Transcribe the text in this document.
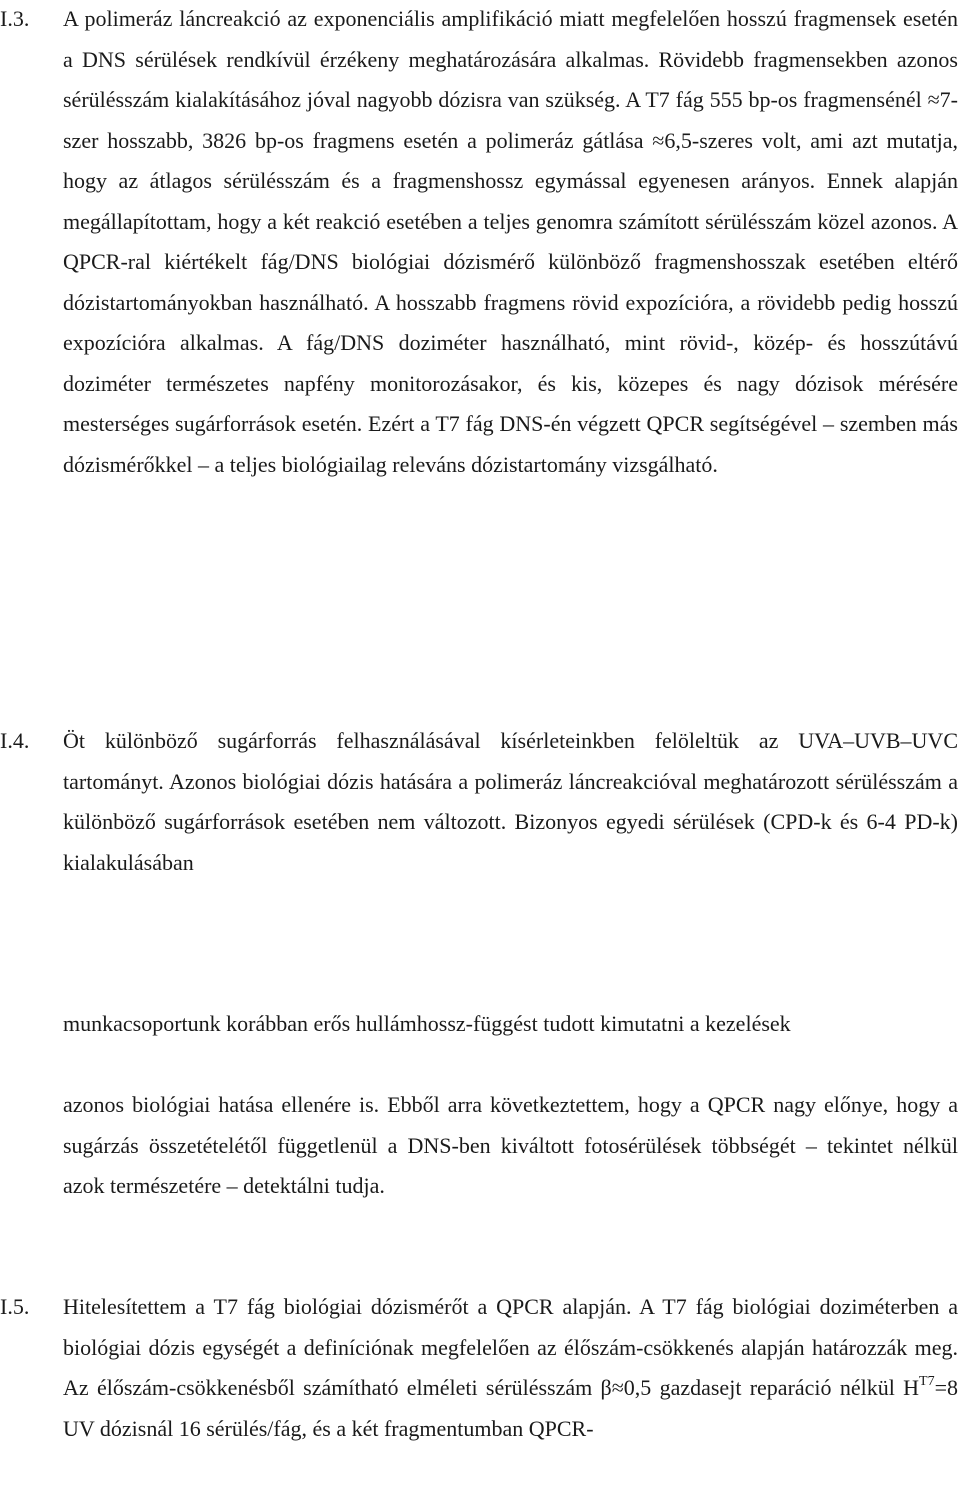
I.3. A polimeráz láncreakció az exponenciális amplifikáció miatt megfelelően hosszú fragmensek esetén a DNS sérülések rendkívül érzékeny meghatározására alkalmas. Rövidebb fragmensekben azonos sérülésszám kialakításához jóval nagyobb dózisra van szükség. A T7 fág 555 bp-os fragmensénél ≈7-szer hosszabb, 3826 bp-os fragmens esetén a polimeráz gátlása ≈6,5-szeres volt, ami azt mutatja, hogy az átlagos sérülésszám és a fragmenshossz egymással egyenesen arányos. Ennek alapján megállapítottam, hogy a két reakció esetében a teljes genomra számított sérülésszám közel azonos. A QPCR-ral kiértékelt fág/DNS biológiai dózismérő különböző fragmenshosszak esetében eltérő dózistartományokban használható. A hosszabb fragmens rövid expozícióra, a rövidebb pedig hosszú expozícióra alkalmas. A fág/DNS doziméter használható, mint rövid-, közép- és hosszútávú doziméter természetes napfény monitorozásakor, és kis, közepes és nagy dózisok mérésére mesterséges sugárforrások esetén. Ezért a T7 fág DNS-én végzett QPCR segítségével – szemben más dózismérőkkel – a teljes biológiailag releváns dózistartomány vizsgálható.

I.4. Öt különböző sugárforrás felhasználásával kísérleteinkben felöleltük az UVA–UVB–UVC tartományt. Azonos biológiai dózis hatására a polimeráz láncreakcióval meghatározott sérülésszám a különböző sugárforrások esetében nem változott. Bizonyos egyedi sérülések (CPD-k és 6-4 PD-k) kialakulásában

munkacsoportunk korábban erős hullámhossz-függést tudott kimutatni a kezelések

azonos biológiai hatása ellenére is. Ebből arra következtettem, hogy a QPCR nagy előnye, hogy a sugárzás összetételétől függetlenül a DNS-ben kiváltott fotosérülések többségét – tekintet nélkül azok természetére – detektálni tudja.

I.5. Hitelesítettem a T7 fág biológiai dózismérőt a QPCR alapján. A T7 fág biológiai doziméterben a biológiai dózis egységét a definíciónak megfelelően az élőszám-csökkenés alapján határozzák meg. Az élőszám-csökkenésből számítható elméleti sérülésszám β≈0,5 gazdasejt reparáció nélkül $H^{T7}=8$ UV dózisnál 16 sérülés/fág, és a két fragmentumban QPCR-
